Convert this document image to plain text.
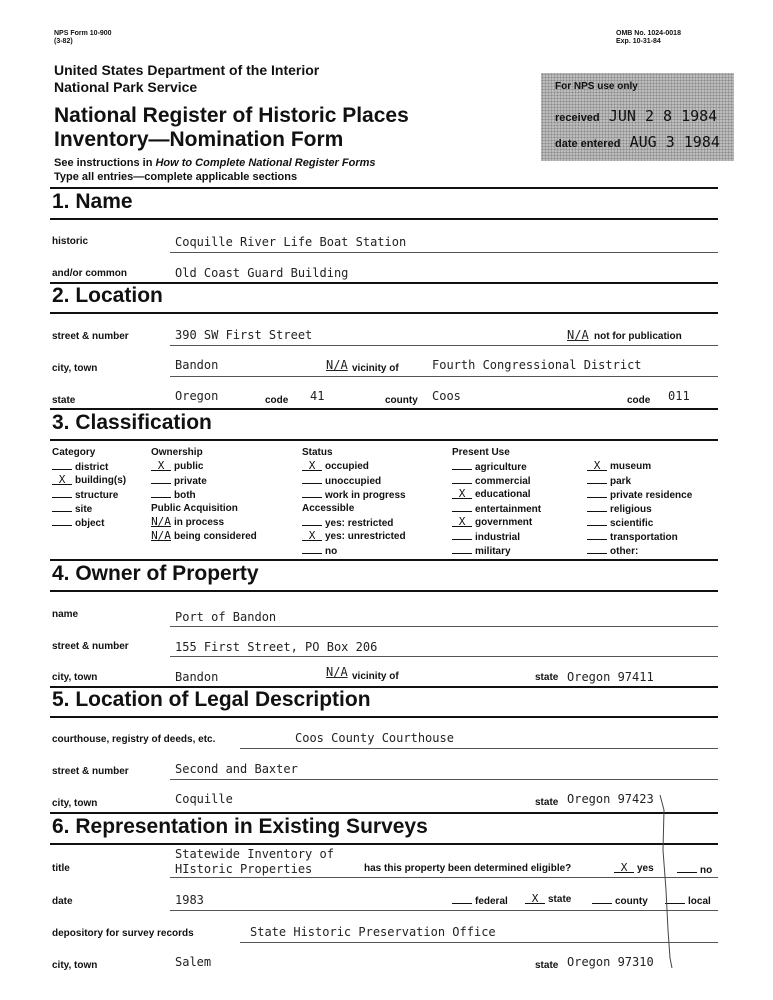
NPS Form 10-900
(3-82)
OMB No. 1024-0018
Exp. 10-31-84
United States Department of the Interior
National Park Service
National Register of Historic Places
Inventory—Nomination Form
See instructions in How to Complete National Register Forms
Type all entries—complete applicable sections
For NPS use only
received JUN 2 8 1984
date entered AUG 3 1984
1. Name
historic	Coquille River Life Boat Station
and/or common	Old Coast Guard Building
2. Location
street & number	390 SW First Street	N/A not for publication
city, town	Bandon	N/A vicinity of	Fourth Congressional District
state	Oregon	code 41	county Coos	code 011
3. Classification
Category
district
X building(s)
structure
site
object
Ownership
X public
private
both
Public Acquisition
N/A in process
N/A being considered
Status
X occupied
unoccupied
work in progress
Accessible
yes: restricted
X yes: unrestricted
no
Present Use
agriculture
commercial
X educational
entertainment
X government
industrial
military
X museum
park
private residence
religious
scientific
transportation
other:
4. Owner of Property
name	Port of Bandon
street & number	155 First Street, PO Box 206
city, town	Bandon	N/A vicinity of	state Oregon 97411
5. Location of Legal Description
courthouse, registry of deeds, etc.	Coos County Courthouse
street & number	Second and Baxter
city, town	Coquille	state Oregon 97423
6. Representation in Existing Surveys
title
Statewide Inventory of
HIstoric Properties	has this property been determined eligible?	X yes	no
date	1983	federal	X state	county	local
depository for survey records	State Historic Preservation Office
city, town	Salem	state Oregon 97310
